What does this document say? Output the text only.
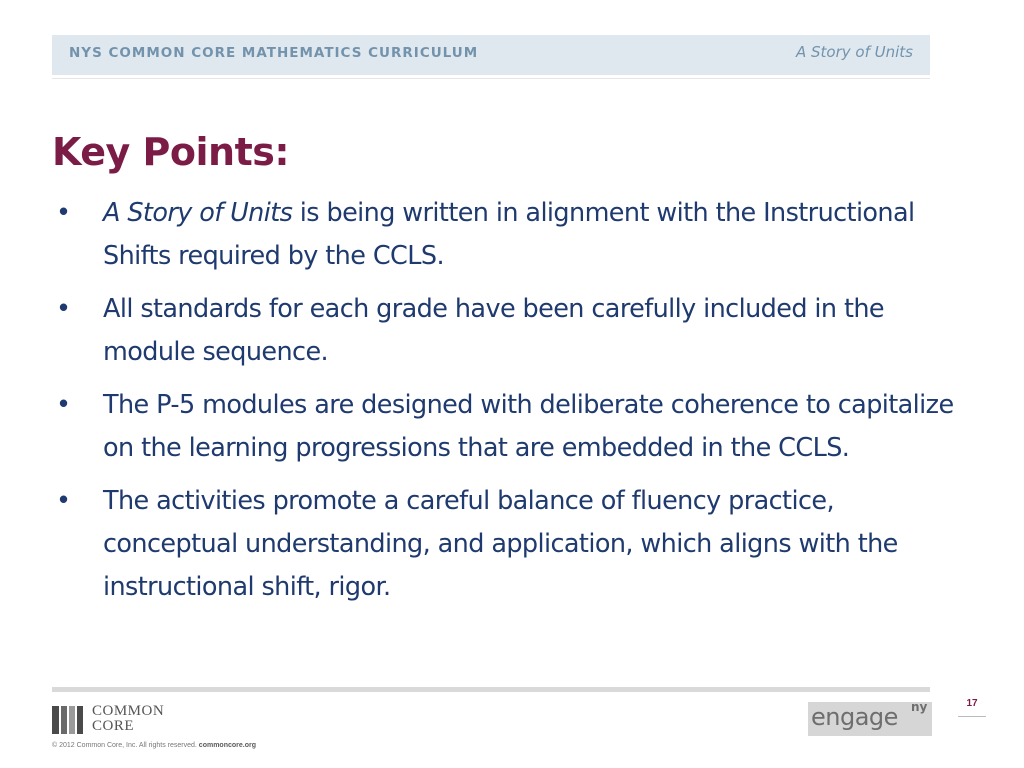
NYS COMMON CORE MATHEMATICS CURRICULUM	A Story of Units
Key Points:
• A Story of Units is being written in alignment with the Instructional Shifts required by the CCLS.
• All standards for each grade have been carefully included in the module sequence.
• The P-5 modules are designed with deliberate coherence to capitalize on the learning progressions that are embedded in the CCLS.
• The activities promote a careful balance of fluency practice, conceptual understanding, and application, which aligns with the instructional shift, rigor.
COMMON
CORE
© 2012 Common Core, Inc. All rights reserved. commoncore.org
engage ny	17
